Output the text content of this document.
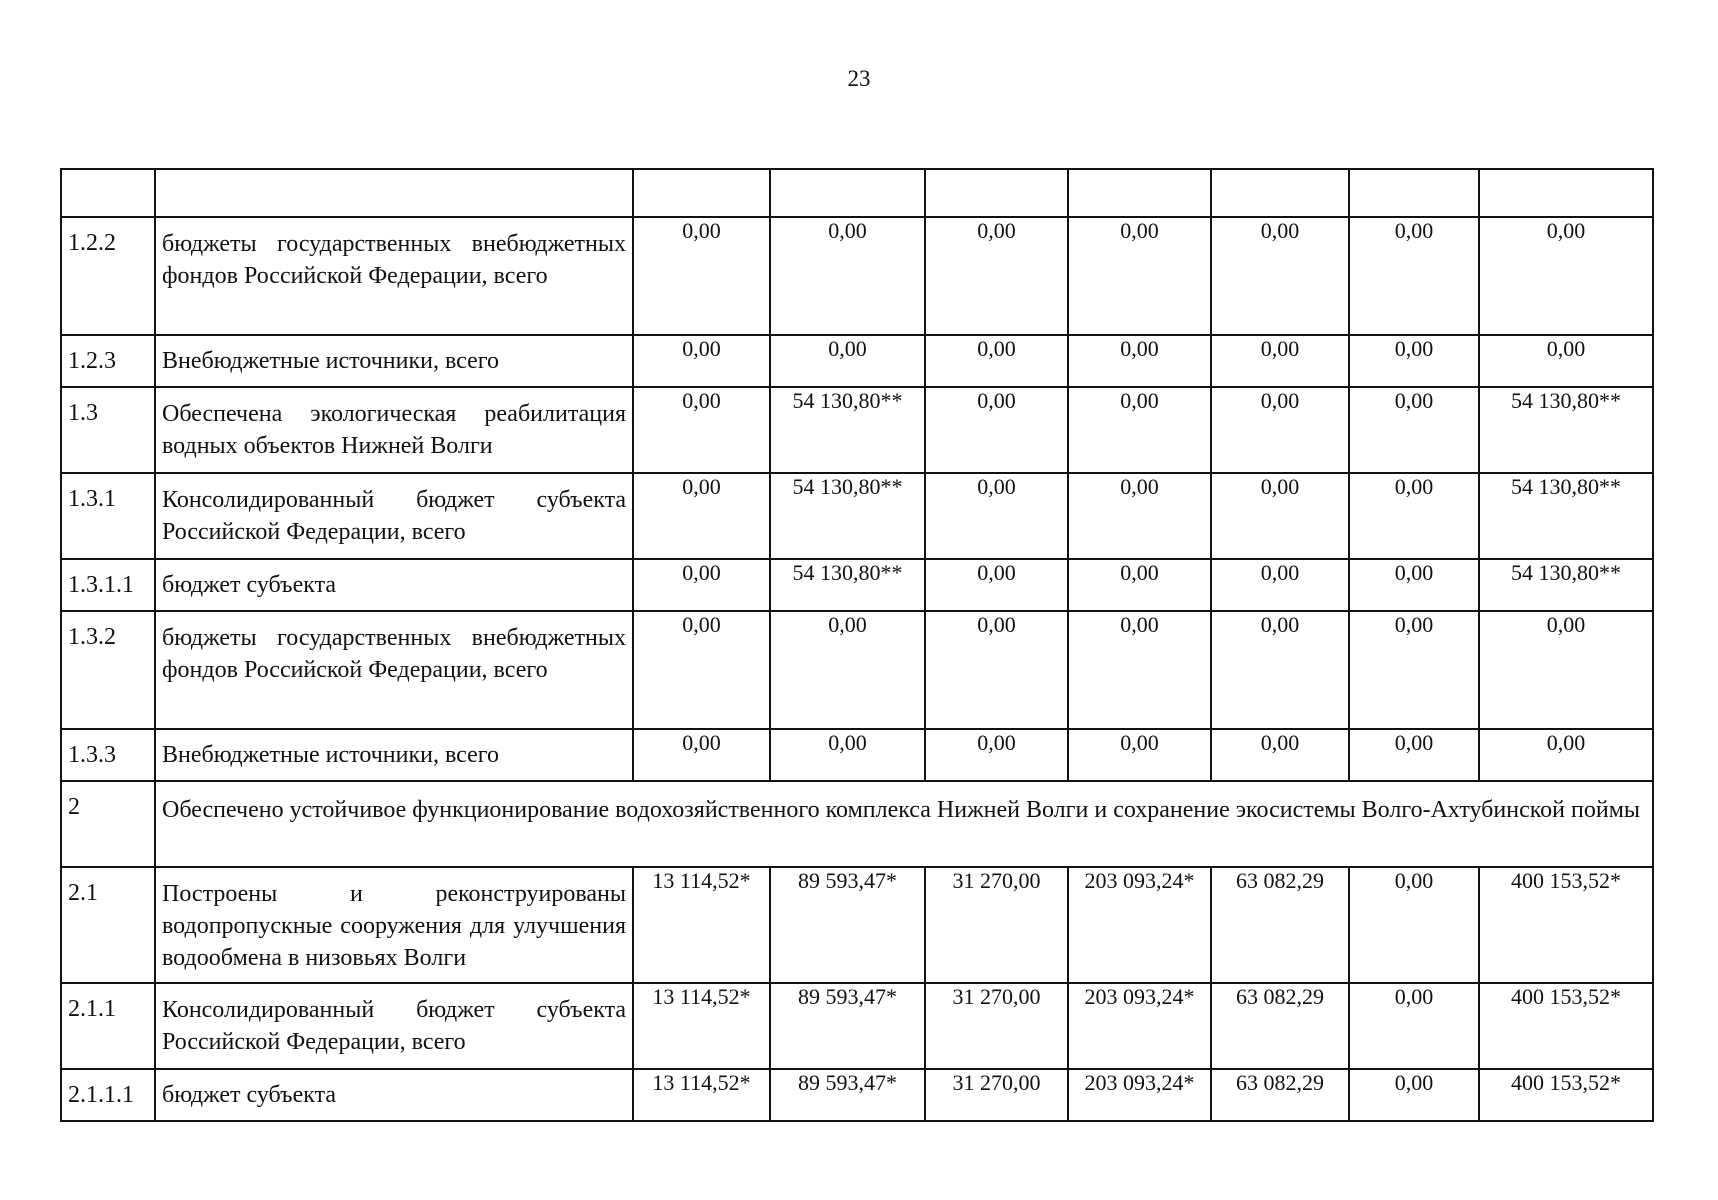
23

1.2.2	бюджеты государственных внебюджетных фондов Российской Федерации, всего	0,00	0,00	0,00	0,00	0,00	0,00	0,00
1.2.3	Внебюджетные источники, всего	0,00	0,00	0,00	0,00	0,00	0,00	0,00
1.3	Обеспечена экологическая реабилитация водных объектов Нижней Волги	0,00	54 130,80**	0,00	0,00	0,00	0,00	54 130,80**
1.3.1	Консолидированный бюджет субъекта Российской Федерации, всего	0,00	54 130,80**	0,00	0,00	0,00	0,00	54 130,80**
1.3.1.1	бюджет субъекта	0,00	54 130,80**	0,00	0,00	0,00	0,00	54 130,80**
1.3.2	бюджеты государственных внебюджетных фондов Российской Федерации, всего	0,00	0,00	0,00	0,00	0,00	0,00	0,00
1.3.3	Внебюджетные источники, всего	0,00	0,00	0,00	0,00	0,00	0,00	0,00
2	Обеспечено устойчивое функционирование водохозяйственного комплекса Нижней Волги и сохранение экосистемы Волго-Ахтубинской поймы							
2.1	Построены и реконструированы водопропускные сооружения для улучшения водообмена в низовьях Волги	13 114,52*	89 593,47*	31 270,00	203 093,24*	63 082,29	0,00	400 153,52*
2.1.1	Консолидированный бюджет субъекта Российской Федерации, всего	13 114,52*	89 593,47*	31 270,00	203 093,24*	63 082,29	0,00	400 153,52*
2.1.1.1	бюджет субъекта	13 114,52*	89 593,47*	31 270,00	203 093,24*	63 082,29	0,00	400 153,52*
